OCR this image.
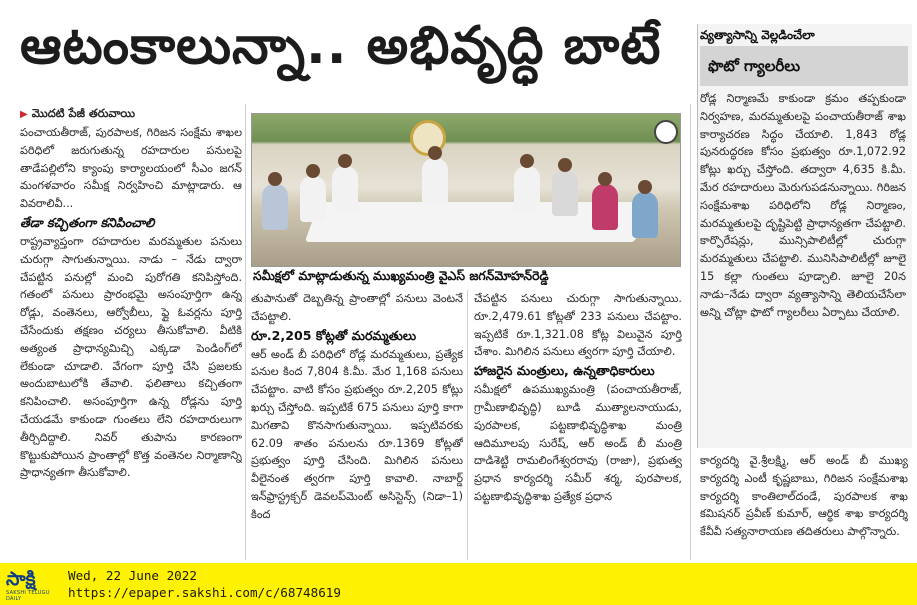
ఆటంకాలున్నా.. అభివృద్ధి బాటే	వ్యత్యాసాన్ని వెల్లడించేలా
ఫొటో గ్యాలరీలు

రోడ్ల నిర్మాణమే కాకుండా క్రమం తప్పకుండా నిర్వహణ, మరమ్మతులపై పంచాయతీరాజ్‌ శాఖ కార్యాచరణ సిద్ధం చేయాలి. 1,843 రోడ్ల పునరుద్ధరణ కోసం ప్రభుత్వం రూ.1,072.92 కోట్లు ఖర్చు చేస్తోంది. తద్వారా 4,635 కి.మీ. మేర రహదారులు మెరుగుపడనున్నాయి. గిరిజన సంక్షేమశాఖ పరిధిలోని రోడ్ల నిర్మాణం, మరమ్మతులపై దృష్టిపెట్టి ప్రాధాన్యతగా చేపట్టాలి. కార్పొరేషన్లు, మున్సిపాలిటీల్లో చురుగ్గా మరమ్మతులు చేపట్టాలి. మునిసిపాలిటీల్లో జూలై 15 కల్లా గుంతలు పూడ్చాలి. జూలై 20న నాడు–నేడు ద్వారా వ్యత్యాసాన్ని తెలియచేసేలా అన్ని చోట్లా ఫొటో గ్యాలరీలు ఏర్పాటు చేయాలి.

▶ మొదటి పేజీ తరువాయి

పంచాయతీరాజ్‌, పురపాలక, గిరిజన సంక్షేమ శాఖల పరిధిలో జరుగుతున్న రహదారుల పనులపై తాడేపల్లిలోని క్యాంపు కార్యాలయంలో సీఎం జగన్‌ మంగళవారం సమీక్ష నిర్వహించి మాట్లాడారు. ఆ వివరాలివీ...

తేడా కచ్చితంగా కనిపించాలి

రాష్ట్రవ్యాప్తంగా రహదారుల మరమ్మతుల పనులు చురుగ్గా సాగుతున్నాయి. నాడు – నేడు ద్వారా చేపట్టిన పనుల్లో మంచి పురోగతి కనిపిస్తోంది. గతంలో పనులు ప్రారంభమై అసంపూర్తిగా ఉన్న రోడ్లు, వంతెనలు, ఆర్వోబీలు, ఫ్లై ఓవర్లను పూర్తి చేసేందుకు తక్షణం చర్యలు తీసుకోవాలి. వీటికి అత్యంత ప్రాధాన్యమిచ్చి ఎక్కడా పెండింగ్‌లో లేకుండా చూడాలి. వేగంగా పూర్తి చేసి ప్రజలకు అందుబాటులోకి తేవాలి. ఫలితాలు కచ్చితంగా కనిపించాలి. అసంపూర్తిగా ఉన్న రోడ్లను పూర్తి చేయడమే కాకుండా గుంతలు లేని రహదారులుగా తీర్చిదిద్దాలి. నివర్‌ తుపాను కారణంగా కొట్టుకుపోయిన ప్రాంతాల్లో కొత్త వంతెనల నిర్మాణాన్ని ప్రాధాన్యతగా తీసుకోవాలి.

సమీక్షలో మాట్లాడుతున్న ముఖ్యమంత్రి వైఎస్‌ జగన్‌మోహన్‌రెడ్డి

తుపానుతో దెబ్బతిన్న ప్రాంతాల్లో పనులు వెంటనే చేపట్టాలి.

రూ.2,205 కోట్లతో మరమ్మతులు

ఆర్‌ అండ్‌ బీ పరిధిలో రోడ్ల మరమ్మతులు, ప్రత్యేక పనుల కింద 7,804 కి.మీ. మేర 1,168 పనులు చేపట్టాం. వాటి కోసం ప్రభుత్వం రూ.2,205 కోట్లు ఖర్చు చేస్తోంది. ఇప్పటికే 675 పనులు పూర్తి కాగా మిగతావి కొనసాగుతున్నాయి. ఇప్పటివరకు 62.09 శాతం పనులను రూ.1369 కోట్లతో ప్రభుత్వం పూర్తి చేసింది. మిగిలిన పనులు వీలైనంత త్వరగా పూర్తి కావాలి. నాబార్డ్‌ ఇన్‌ఫ్రాస్ట్రక్చర్‌ డెవలప్‌మెంట్‌ అసిస్టెన్స్‌ (నిడా–1) కింద

చేపట్టిన పనులు చురుగ్గా సాగుతున్నాయి. రూ.2,479.61 కోట్లతో 233 పనులు చేపట్టాం. ఇప్పటికే రూ.1,321.08 కోట్ల విలువైన పూర్తి చేశాం. మిగిలిన పనులు త్వరగా పూర్తి చేయాలి.

హాజరైన మంత్రులు, ఉన్నతాధికారులు

సమీక్షలో ఉపముఖ్యమంత్రి (పంచాయతీరాజ్‌, గ్రామీణాభివృద్ధి) బూడి ముత్యాలనాయుడు, పురపాలక, పట్టణాభివృద్ధిశాఖ మంత్రి ఆదిమూలపు సురేష్‌, ఆర్‌ అండ్‌ బీ మంత్రి దాడిశెట్టి రామలింగేశ్వరరావు (రాజా), ప్రభుత్వ ప్రధాన కార్యదర్శి సమీర్‌ శర్మ, పురపాలక, పట్టణాభివృద్ధిశాఖ ప్రత్యేక ప్రధాన

కార్యదర్శి వై.శ్రీలక్ష్మి, ఆర్‌ అండ్‌ బీ ముఖ్య కార్యదర్శి ఎంటీ కృష్ణబాబు, గిరిజన సంక్షేమశాఖ కార్యదర్శి కాంతిలాల్‌దండే, పురపాలక శాఖ కమిషనర్‌ ప్రవీణ్‌ కుమార్‌, ఆర్థిక శాఖ కార్యదర్శి కేవీవీ సత్యనారాయణ తదితరులు పాల్గొన్నారు.

సాక్షి
SAKSHI TELUGU DAILY
Wed, 22 June 2022
https://epaper.sakshi.com/c/68748619
